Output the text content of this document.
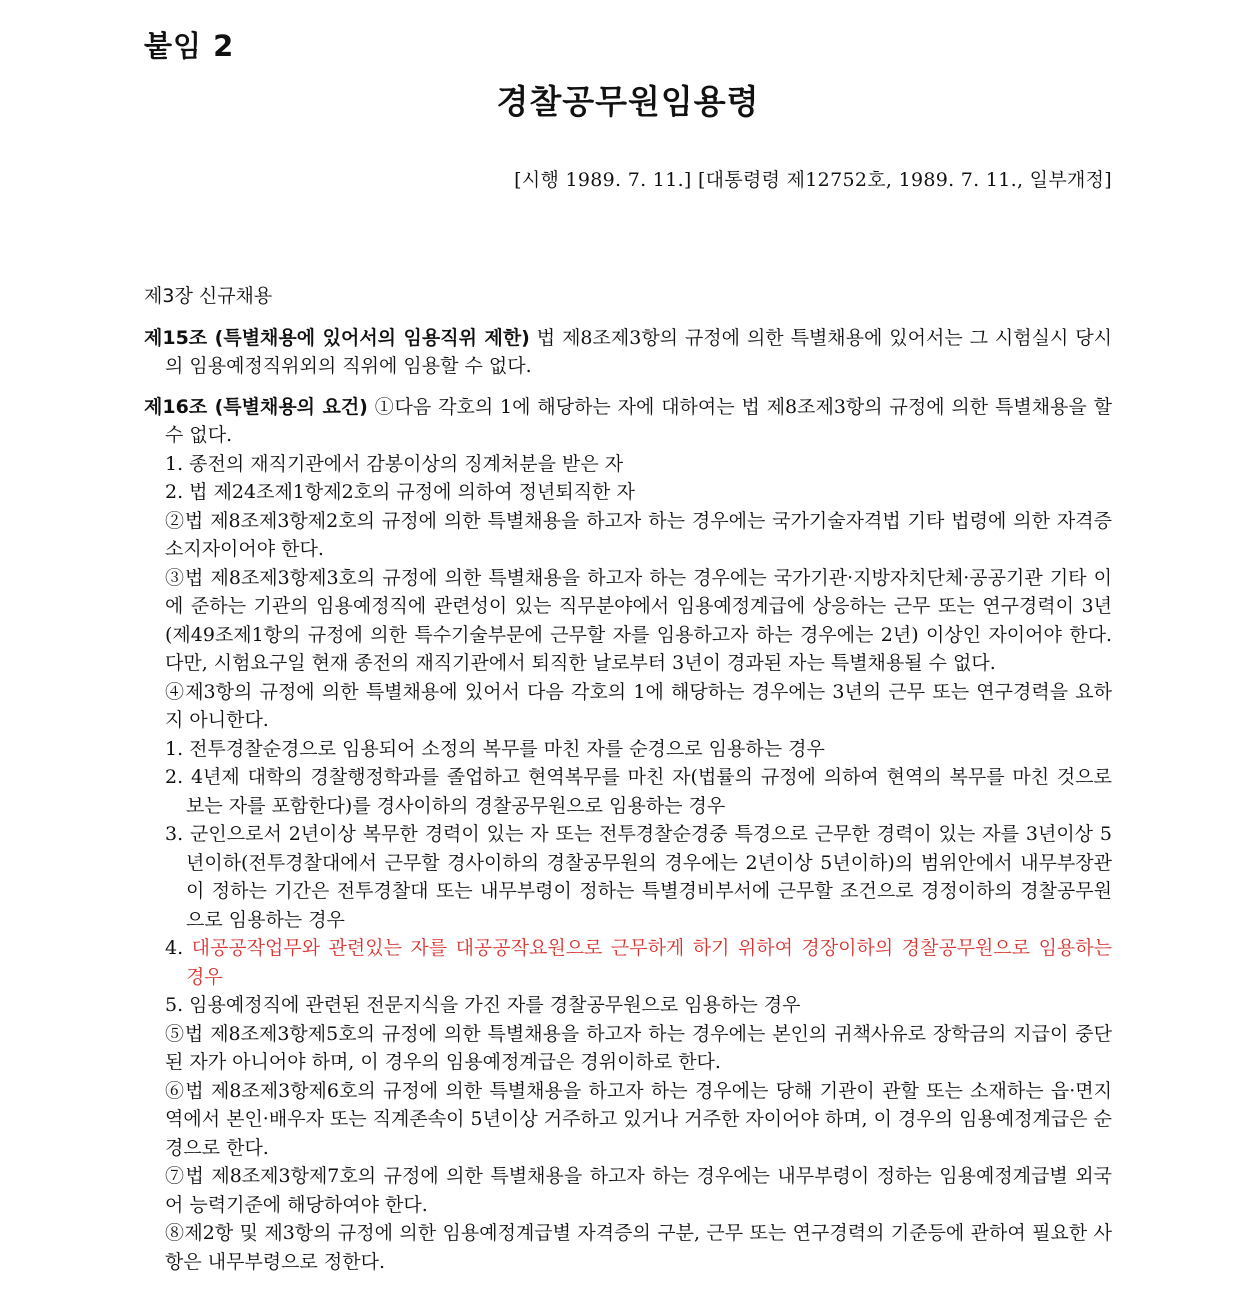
붙임 2
경찰공무원임용령
[시행 1989. 7. 11.] [대통령령 제12752호, 1989. 7. 11., 일부개정]
제3장 신규채용
제15조 (특별채용에 있어서의 임용직위 제한) 법 제8조제3항의 규정에 의한 특별채용에 있어서는 그 시험실시 당시의 임용예정직위외의 직위에 임용할 수 없다.
제16조 (특별채용의 요건) ①다음 각호의 1에 해당하는 자에 대하여는 법 제8조제3항의 규정에 의한 특별채용을 할 수 없다.
1. 종전의 재직기관에서 감봉이상의 징계처분을 받은 자
2. 법 제24조제1항제2호의 규정에 의하여 정년퇴직한 자
②법 제8조제3항제2호의 규정에 의한 특별채용을 하고자 하는 경우에는 국가기술자격법 기타 법령에 의한 자격증 소지자이어야 한다.
③법 제8조제3항제3호의 규정에 의한 특별채용을 하고자 하는 경우에는 국가기관·지방자치단체·공공기관 기타 이에 준하는 기관의 임용예정직에 관련성이 있는 직무분야에서 임용예정계급에 상응하는 근무 또는 연구경력이 3년(제49조제1항의 규정에 의한 특수기술부문에 근무할 자를 임용하고자 하는 경우에는 2년) 이상인 자이어야 한다. 다만, 시험요구일 현재 종전의 재직기관에서 퇴직한 날로부터 3년이 경과된 자는 특별채용될 수 없다.
④제3항의 규정에 의한 특별채용에 있어서 다음 각호의 1에 해당하는 경우에는 3년의 근무 또는 연구경력을 요하지 아니한다.
1. 전투경찰순경으로 임용되어 소정의 복무를 마친 자를 순경으로 임용하는 경우
2. 4년제 대학의 경찰행정학과를 졸업하고 현역복무를 마친 자(법률의 규정에 의하여 현역의 복무를 마친 것으로 보는 자를 포함한다)를 경사이하의 경찰공무원으로 임용하는 경우
3. 군인으로서 2년이상 복무한 경력이 있는 자 또는 전투경찰순경중 특경으로 근무한 경력이 있는 자를 3년이상 5년이하(전투경찰대에서 근무할 경사이하의 경찰공무원의 경우에는 2년이상 5년이하)의 범위안에서 내무부장관이 정하는 기간은 전투경찰대 또는 내무부령이 정하는 특별경비부서에 근무할 조건으로 경정이하의 경찰공무원으로 임용하는 경우
4. 대공공작업무와 관련있는 자를 대공공작요원으로 근무하게 하기 위하여 경장이하의 경찰공무원으로 임용하는 경우
5. 임용예정직에 관련된 전문지식을 가진 자를 경찰공무원으로 임용하는 경우
⑤법 제8조제3항제5호의 규정에 의한 특별채용을 하고자 하는 경우에는 본인의 귀책사유로 장학금의 지급이 중단된 자가 아니어야 하며, 이 경우의 임용예정계급은 경위이하로 한다.
⑥법 제8조제3항제6호의 규정에 의한 특별채용을 하고자 하는 경우에는 당해 기관이 관할 또는 소재하는 읍·면지역에서 본인·배우자 또는 직계존속이 5년이상 거주하고 있거나 거주한 자이어야 하며, 이 경우의 임용예정계급은 순경으로 한다.
⑦법 제8조제3항제7호의 규정에 의한 특별채용을 하고자 하는 경우에는 내무부령이 정하는 임용예정계급별 외국어 능력기준에 해당하여야 한다.
⑧제2항 및 제3항의 규정에 의한 임용예정계급별 자격증의 구분, 근무 또는 연구경력의 기준등에 관하여 필요한 사항은 내무부령으로 정한다.
